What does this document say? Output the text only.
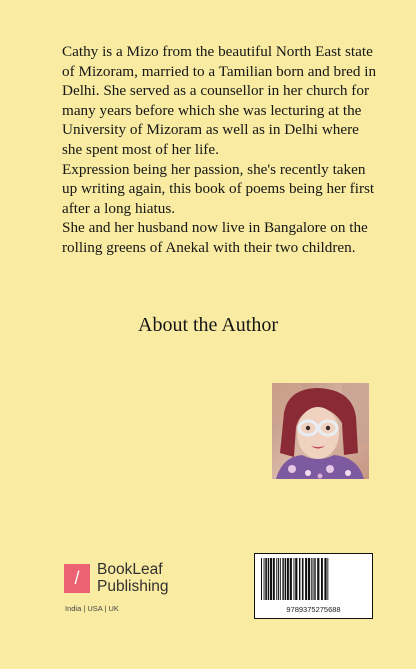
Cathy is a Mizo from the beautiful North East state of Mizoram, married to a Tamilian born and bred in Delhi. She served as a counsellor in her church for many years before which she was lecturing at the University of Mizoram as well as in Delhi where she spent most of her life.

Expression being her passion, she's recently taken up writing again, this book of poems being her first after a long hiatus.

She and her husband now live in Bangalore on the rolling greens of Anekal with their two children.

About the Author
/	BookLeaf
Publishing
India | USA | UK	9789375275688
